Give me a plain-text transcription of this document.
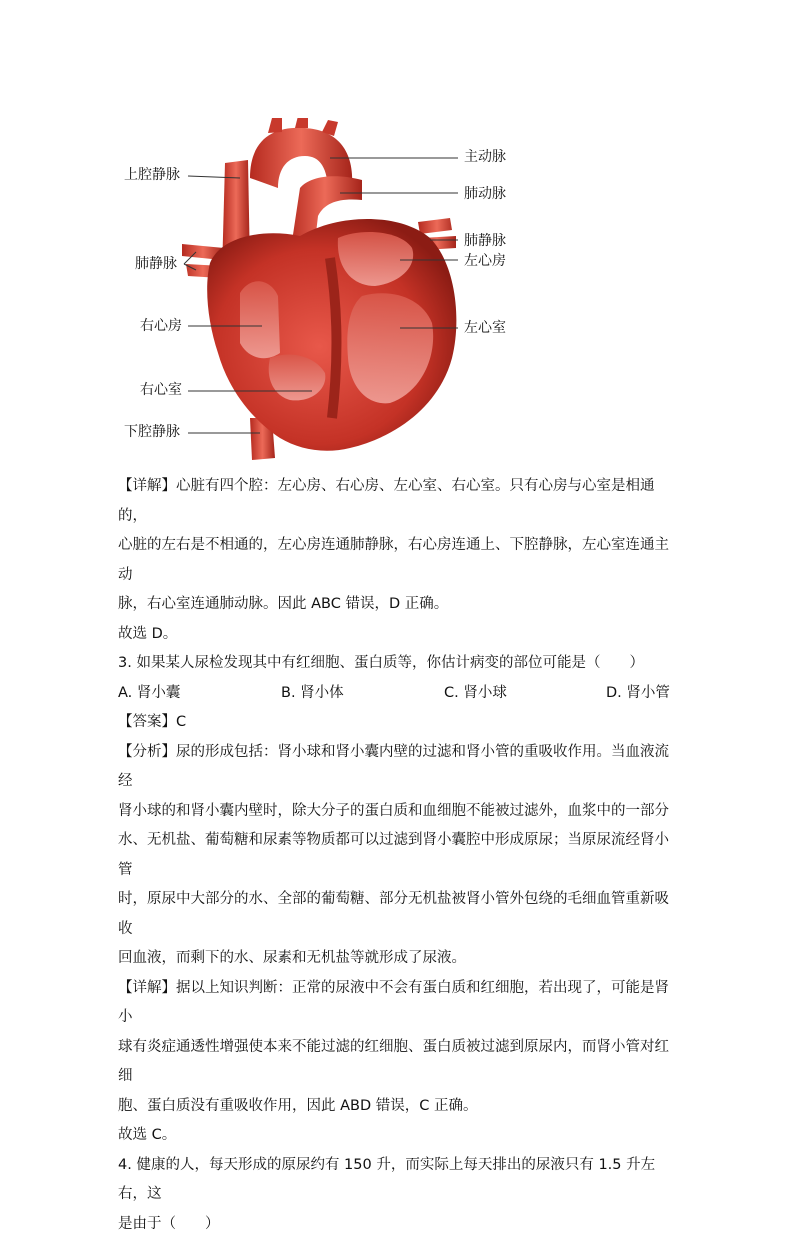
上腔静脉
主动脉
肺动脉
肺静脉
左心房
肺静脉
右心房	左心室
右心室
下腔静脉

【详解】心脏有四个腔：左心房、右心房、左心室、右心室。只有心房与心室是相通的，

心脏的左右是不相通的，左心房连通肺静脉，右心房连通上、下腔静脉，左心室连通主动

脉，右心室连通肺动脉。因此 ABC 错误，D 正确。

故选 D。

3. 如果某人尿检发现其中有红细胞、蛋白质等，你估计病变的部位可能是（　　）

A. 肾小囊	B. 肾小体	C. 肾小球	D. 肾小管

【答案】C

【分析】尿的形成包括：肾小球和肾小囊内壁的过滤和肾小管的重吸收作用。当血液流经

肾小球的和肾小囊内壁时，除大分子的蛋白质和血细胞不能被过滤外，血浆中的一部分

水、无机盐、葡萄糖和尿素等物质都可以过滤到肾小囊腔中形成原尿；当原尿流经肾小管

时，原尿中大部分的水、全部的葡萄糖、部分无机盐被肾小管外包绕的毛细血管重新吸收

回血液，而剩下的水、尿素和无机盐等就形成了尿液。

【详解】据以上知识判断：正常的尿液中不会有蛋白质和红细胞，若出现了，可能是肾小

球有炎症通透性增强使本来不能过滤的红细胞、蛋白质被过滤到原尿内，而肾小管对红细

胞、蛋白质没有重吸收作用，因此 ABD 错误，C 正确。

故选 C。

4. 健康的人，每天形成的原尿约有 150 升，而实际上每天排出的尿液只有 1.5 升左右，这

是由于（　　）
